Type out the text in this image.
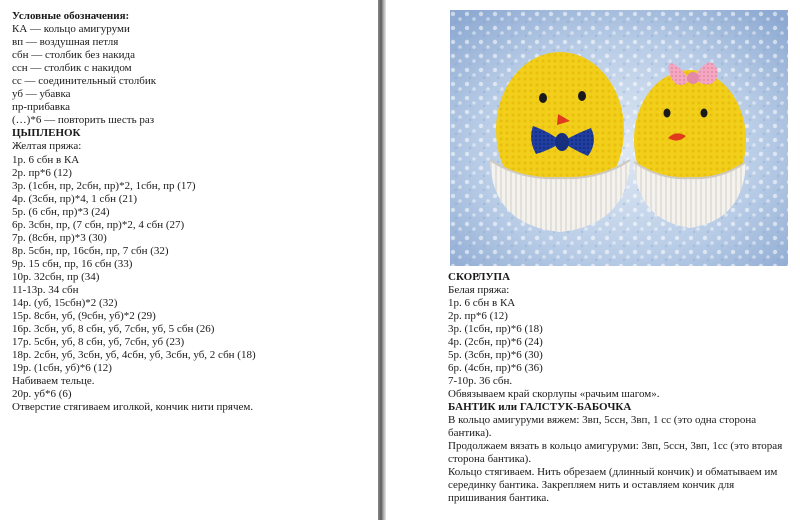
Условные обозначения:
КА — кольцо амигуруми
вп — воздушная петля
сбн — столбик без накида
ссн — столбик с накидом
сс — соединительный столбик
уб — убавка
пр-прибавка
(…)*6 — повторить шесть раз
ЦЫПЛЕНОК
Желтая пряжа:
1р. 6 сбн в КА
2р. пр*6 (12)
3р. (1сбн, пр, 2сбн, пр)*2, 1сбн, пр (17)
4р. (3сбн, пр)*4, 1 сбн (21)
5р. (6 сбн, пр)*3 (24)
6р. 3сбн, пр, (7 сбн, пр)*2, 4 сбн (27)
7р. (8сбн, пр)*3 (30)
8р. 5сбн, пр, 16сбн, пр, 7 сбн (32)
9р. 15 сбн, пр, 16 сбн (33)
10р. 32сбн, пр (34)
11-13р. 34 сбн
14р. (уб, 15сбн)*2 (32)
15р. 8сбн, уб, (9сбн, уб)*2 (29)
16р. 3сбн, уб, 8 сбн, уб, 7сбн, уб, 5 сбн (26)
17р. 5сбн, уб, 8 сбн, уб, 7сбн, уб (23)
18р. 2сбн, уб, 3сбн, уб, 4сбн, уб, 3сбн, уб, 2 сбн (18)
19р. (1сбн, уб)*6 (12)
Набиваем тельце.
20р. уб*6 (6)
Отверстие стягиваем иголкой, кончик нити прячем.
СКОРЛУПА
Белая пряжа:
1р. 6 сбн в КА
2р. пр*6 (12)
3р. (1сбн, пр)*6 (18)
4р. (2сбн, пр)*6 (24)
5р. (3сбн, пр)*6 (30)
6р. (4сбн, пр)*6 (36)
7-10р. 36 сбн.
Обвязываем край скорлупы «рачьим шагом».
БАНТИК или ГАЛСТУК-БАБОЧКА
В кольцо амигуруми вяжем: 3вп, 5ссн, 3вп, 1 сс (это одна сторона бантика).
Продолжаем вязать в кольцо амигуруми: 3вп, 5ссн, 3вп, 1сс (это вторая сторона бантика).
Кольцо стягиваем. Нить обрезаем (длинный кончик) и обматываем им серединку бантика. Закрепляем нить и оставляем кончик для пришивания бантика.
